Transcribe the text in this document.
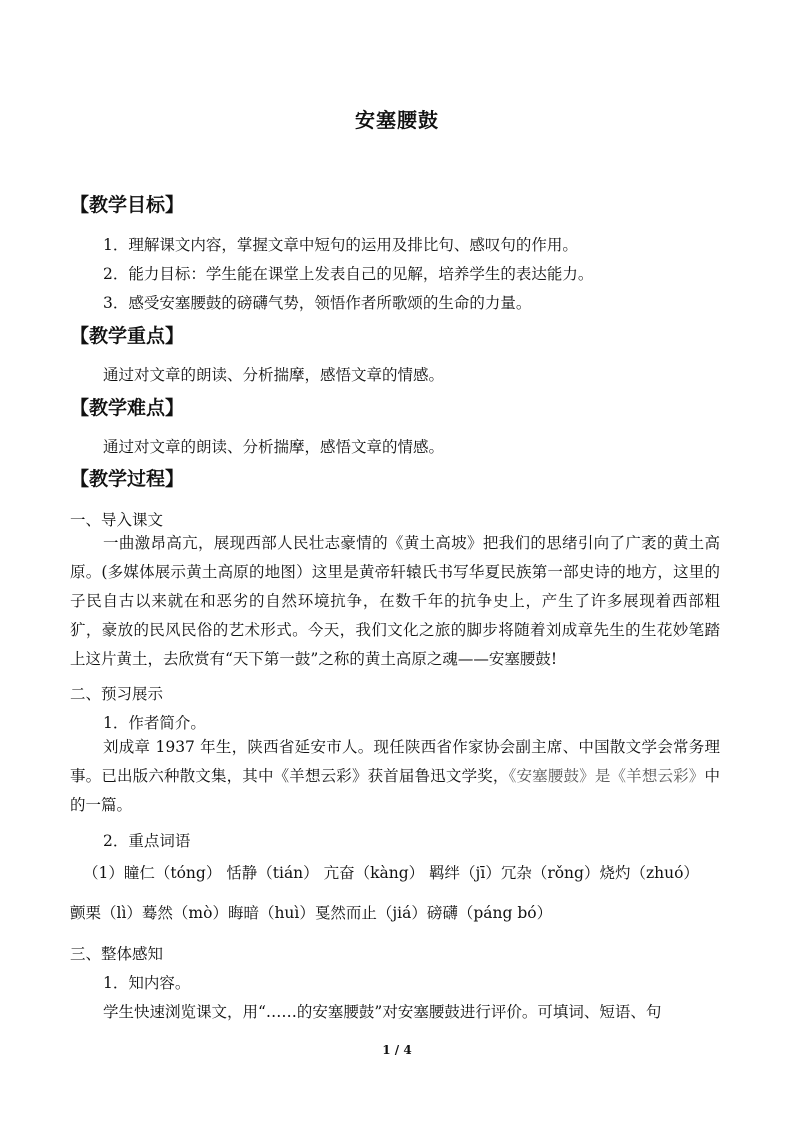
安塞腰鼓
【教学目标】
1．理解课文内容，掌握文章中短句的运用及排比句、感叹句的作用。
2．能力目标：学生能在课堂上发表自己的见解，培养学生的表达能力。
3．感受安塞腰鼓的磅礴气势，领悟作者所歌颂的生命的力量。
【教学重点】
通过对文章的朗读、分析揣摩，感悟文章的情感。
【教学难点】
通过对文章的朗读、分析揣摩，感悟文章的情感。
【教学过程】
一、导入课文
一曲激昂高亢，展现西部人民壮志豪情的《黄土高坡》把我们的思绪引向了广袤的黄土高原。(多媒体展示黄土高原的地图）这里是黄帝轩辕氏书写华夏民族第一部史诗的地方，这里的子民自古以来就在和恶劣的自然环境抗争，在数千年的抗争史上，产生了许多展现着西部粗犷，豪放的民风民俗的艺术形式。今天，我们文化之旅的脚步将随着刘成章先生的生花妙笔踏上这片黄土，去欣赏有“天下第一鼓”之称的黄土高原之魂——安塞腰鼓!
二、预习展示
1．作者简介。
刘成章 1937 年生，陕西省延安市人。现任陕西省作家协会副主席、中国散文学会常务理事。已出版六种散文集，其中《羊想云彩》获首届鲁迅文学奖，《安塞腰鼓》是《羊想云彩》中的一篇。
2．重点词语
（1）瞳仁（tóng） 恬静（tián） 亢奋（kàng） 羁绊（jī）冗杂（rǒng）烧灼（zhuó）
颤栗（lì）蓦然（mò）晦暗（huì）戛然而止（jiá）磅礴（páng bó）
三、整体感知
1．知内容。
学生快速浏览课文，用“……的安塞腰鼓”对安塞腰鼓进行评价。可填词、短语、句
1 / 4
